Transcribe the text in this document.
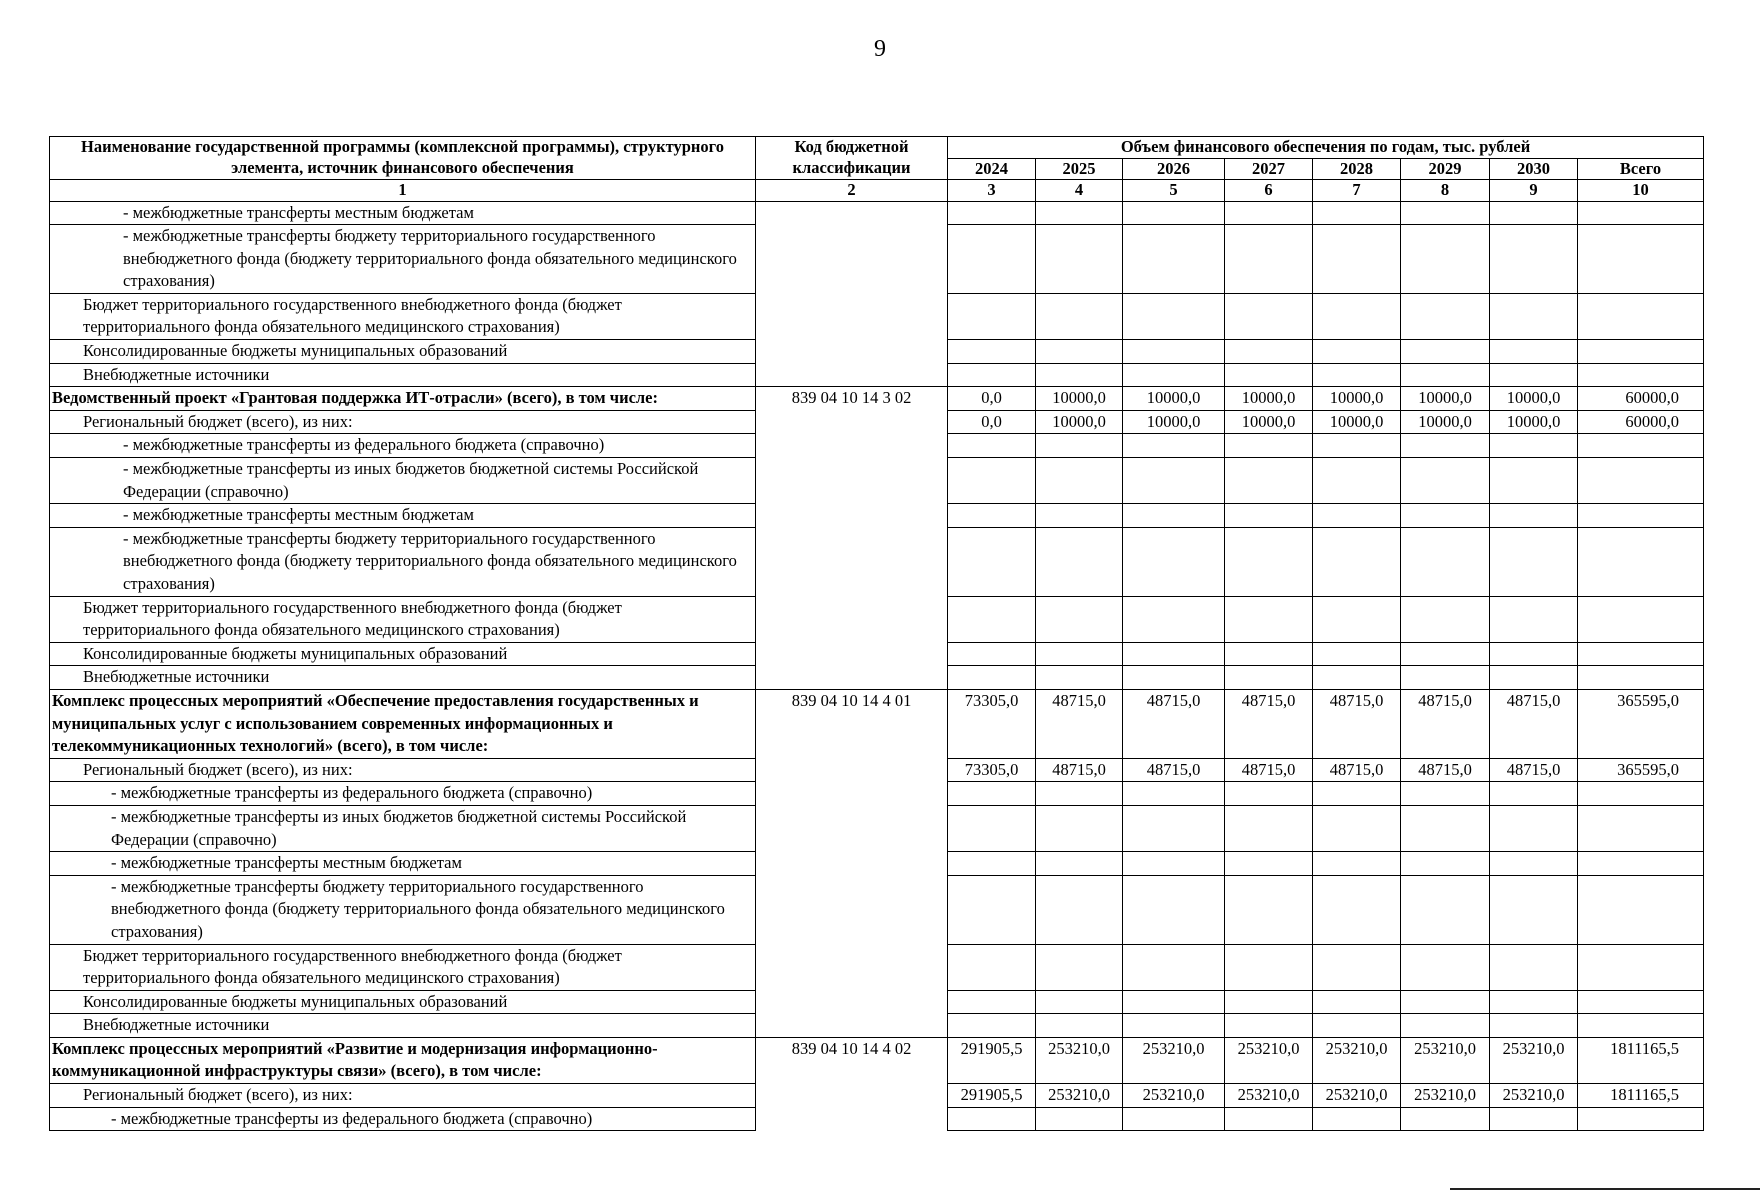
9
Наименование государственной программы (комплексной программы), структурного элемента, источник финансового обеспечения	Код бюджетной классификации	Объем финансового обеспечения по годам, тыс. рублей							
		2024	2025	2026	2027	2028	2029	2030	Всего
1	2	3	4	5	6	7	8	9	10
- межбюджетные трансферты местным бюджетам									
- межбюджетные трансферты бюджету территориального государственного внебюджетного фонда (бюджету территориального фонда обязательного медицинского страхования)									
Бюджет территориального государственного внебюджетного фонда (бюджет территориального фонда обязательного медицинского страхования)									
Консолидированные бюджеты муниципальных образований									
Внебюджетные источники									
Ведомственный проект «Грантовая поддержка ИТ-отрасли» (всего), в том числе:	839 04 10 14 3 02	0,0	10000,0	10000,0	10000,0	10000,0	10000,0	10000,0	60000,0
Региональный бюджет (всего), из них:		0,0	10000,0	10000,0	10000,0	10000,0	10000,0	10000,0	60000,0
- межбюджетные трансферты из федерального бюджета (справочно)									
- межбюджетные трансферты из иных бюджетов бюджетной системы Российской Федерации (справочно)									
- межбюджетные трансферты местным бюджетам									
- межбюджетные трансферты бюджету территориального государственного внебюджетного фонда (бюджету территориального фонда обязательного медицинского страхования)									
Бюджет территориального государственного внебюджетного фонда (бюджет территориального фонда обязательного медицинского страхования)									
Консолидированные бюджеты муниципальных образований									
Внебюджетные источники									
Комплекс процессных мероприятий «Обеспечение предоставления государственных и муниципальных услуг с использованием современных информационных и телекоммуникационных технологий» (всего), в том числе:	839 04 10 14 4 01	73305,0	48715,0	48715,0	48715,0	48715,0	48715,0	48715,0	365595,0
Региональный бюджет (всего), из них:		73305,0	48715,0	48715,0	48715,0	48715,0	48715,0	48715,0	365595,0
- межбюджетные трансферты из федерального бюджета (справочно)									
- межбюджетные трансферты из иных бюджетов бюджетной системы Российской Федерации (справочно)									
- межбюджетные трансферты местным бюджетам									
- межбюджетные трансферты бюджету территориального государственного внебюджетного фонда (бюджету территориального фонда обязательного медицинского страхования)									
Бюджет территориального государственного внебюджетного фонда (бюджет территориального фонда обязательного медицинского страхования)									
Консолидированные бюджеты муниципальных образований									
Внебюджетные источники									
Комплекс процессных мероприятий «Развитие и модернизация информационно-коммуникационной инфраструктуры связи» (всего), в том числе:	839 04 10 14 4 02	291905,5	253210,0	253210,0	253210,0	253210,0	253210,0	253210,0	1811165,5
Региональный бюджет (всего), из них:		291905,5	253210,0	253210,0	253210,0	253210,0	253210,0	253210,0	1811165,5
- межбюджетные трансферты из федерального бюджета (справочно)									
